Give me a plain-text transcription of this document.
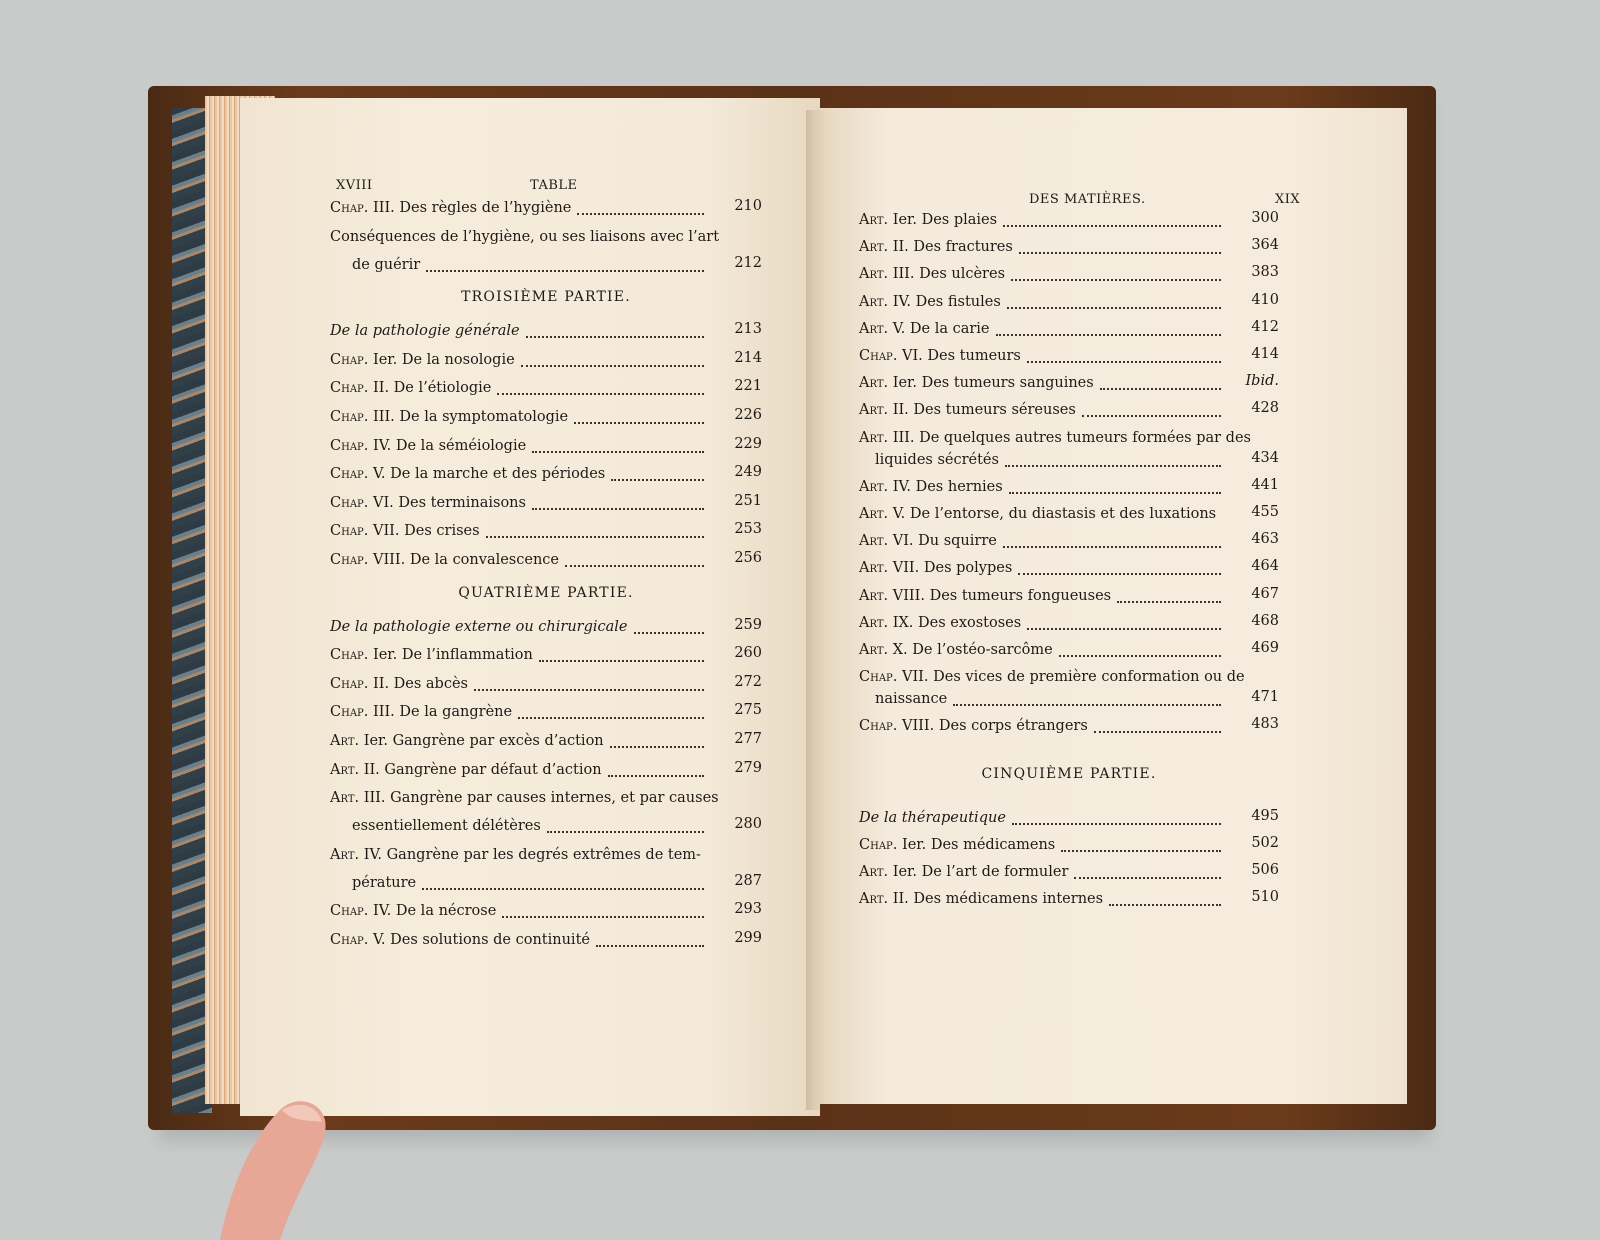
XVIII	TABLE
Chap. III. Des règles de l’hygiène	210
Conséquences de l’hygiène, ou ses liaisons avec l’art
de guérir	212
TROISIÈME PARTIE.
De la pathologie générale	213
Chap. Ier. De la nosologie	214
Chap. II. De l’étiologie	221
Chap. III. De la symptomatologie	226
Chap. IV. De la séméiologie	229
Chap. V. De la marche et des périodes	249
Chap. VI. Des terminaisons	251
Chap. VII. Des crises	253
Chap. VIII. De la convalescence	256
QUATRIÈME PARTIE.
De la pathologie externe ou chirurgicale	259
Chap. Ier. De l’inflammation	260
Chap. II. Des abcès	272
Chap. III. De la gangrène	275
Art. Ier. Gangrène par excès d’action	277
Art. II. Gangrène par défaut d’action	279
Art. III. Gangrène par causes internes, et par causes
essentiellement délétères	280
Art. IV. Gangrène par les degrés extrêmes de tem-
pérature	287
Chap. IV. De la nécrose	293
Chap. V. Des solutions de continuité	299
DES MATIÈRES.	XIX
Art. Ier. Des plaies	300
Art. II. Des fractures	364
Art. III. Des ulcères	383
Art. IV. Des fistules	410
Art. V. De la carie	412
Chap. VI. Des tumeurs	414
Art. Ier. Des tumeurs sanguines	Ibid.
Art. II. Des tumeurs séreuses	428
Art. III. De quelques autres tumeurs formées par des
liquides sécrétés	434
Art. IV. Des hernies	441
Art. V. De l’entorse, du diastasis et des luxations	455
Art. VI. Du squirre	463
Art. VII. Des polypes	464
Art. VIII. Des tumeurs fongueuses	467
Art. IX. Des exostoses	468
Art. X. De l’ostéo-sarcôme	469
Chap. VII. Des vices de première conformation ou de
naissance	471
Chap. VIII. Des corps étrangers	483
CINQUIÈME PARTIE.
De la thérapeutique	495
Chap. Ier. Des médicamens	502
Art. Ier. De l’art de formuler	506
Art. II. Des médicamens internes	510
